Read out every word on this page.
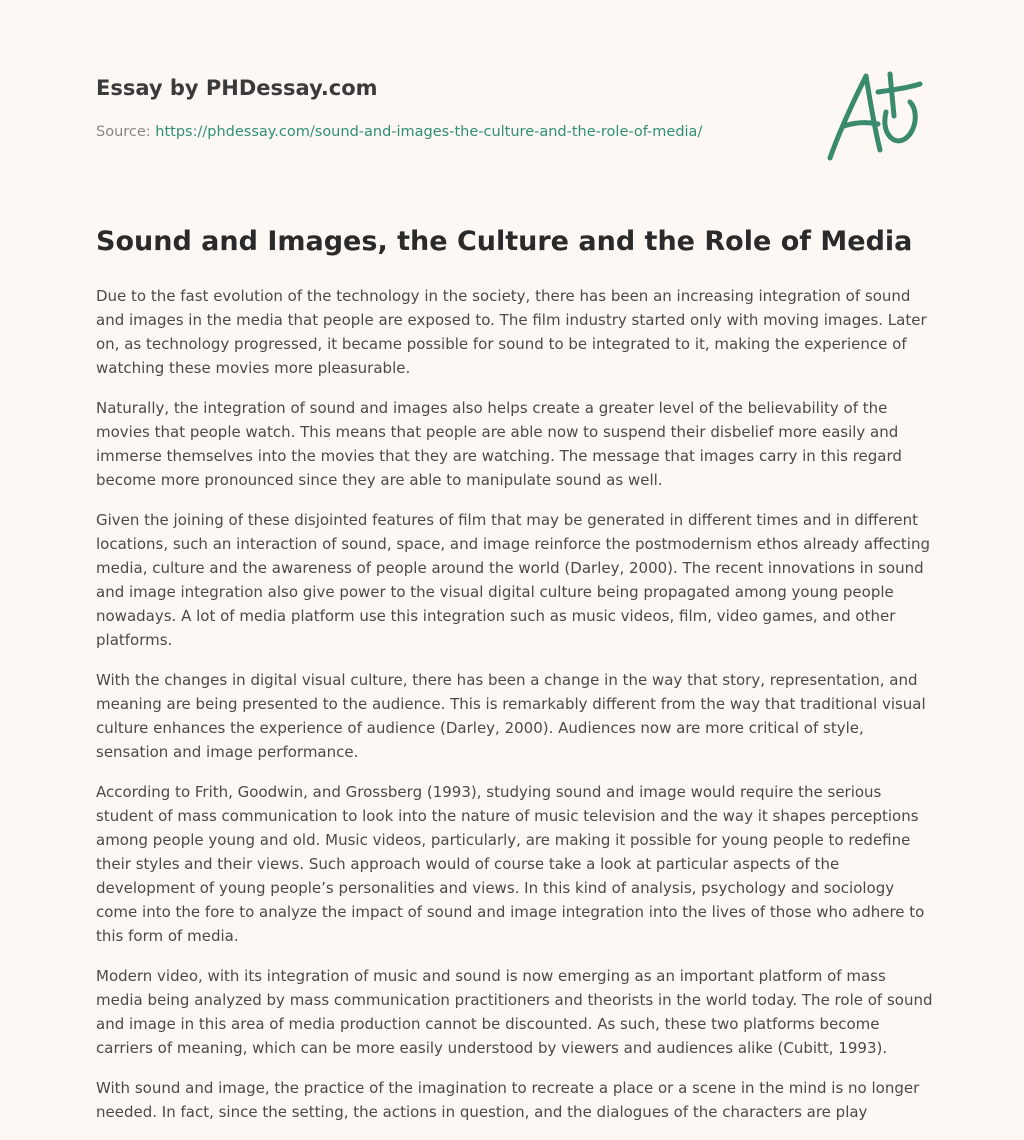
Essay by PHDessay.com
Source: https://phdessay.com/sound-and-images-the-culture-and-the-role-of-media/
Sound and Images, the Culture and the Role of Media

Due to the fast evolution of the technology in the society, there has been an increasing integration of sound and images in the media that people are exposed to. The film industry started only with moving images. Later on, as technology progressed, it became possible for sound to be integrated to it, making the experience of watching these movies more pleasurable.

Naturally, the integration of sound and images also helps create a greater level of the believability of the movies that people watch. This means that people are able now to suspend their disbelief more easily and immerse themselves into the movies that they are watching. The message that images carry in this regard become more pronounced since they are able to manipulate sound as well.

Given the joining of these disjointed features of film that may be generated in different times and in different locations, such an interaction of sound, space, and image reinforce the postmodernism ethos already affecting media, culture and the awareness of people around the world (Darley, 2000). The recent innovations in sound and image integration also give power to the visual digital culture being propagated among young people nowadays. A lot of media platform use this integration such as music videos, film, video games, and other platforms.

With the changes in digital visual culture, there has been a change in the way that story, representation, and meaning are being presented to the audience. This is remarkably different from the way that traditional visual culture enhances the experience of audience (Darley, 2000). Audiences now are more critical of style, sensation and image performance.

According to Frith, Goodwin, and Grossberg (1993), studying sound and image would require the serious student of mass communication to look into the nature of music television and the way it shapes perceptions among people young and old. Music videos, particularly, are making it possible for young people to redefine their styles and their views. Such approach would of course take a look at particular aspects of the development of young people’s personalities and views. In this kind of analysis, psychology and sociology come into the fore to analyze the impact of sound and image integration into the lives of those who adhere to this form of media.

Modern video, with its integration of music and sound is now emerging as an important platform of mass media being analyzed by mass communication practitioners and theorists in the world today. The role of sound and image in this area of media production cannot be discounted. As such, these two platforms become carriers of meaning, which can be more easily understood by viewers and audiences alike (Cubitt, 1993).

With sound and image, the practice of the imagination to recreate a place or a scene in the mind is no longer needed. In fact, since the setting, the actions in question, and the dialogues of the characters are play
